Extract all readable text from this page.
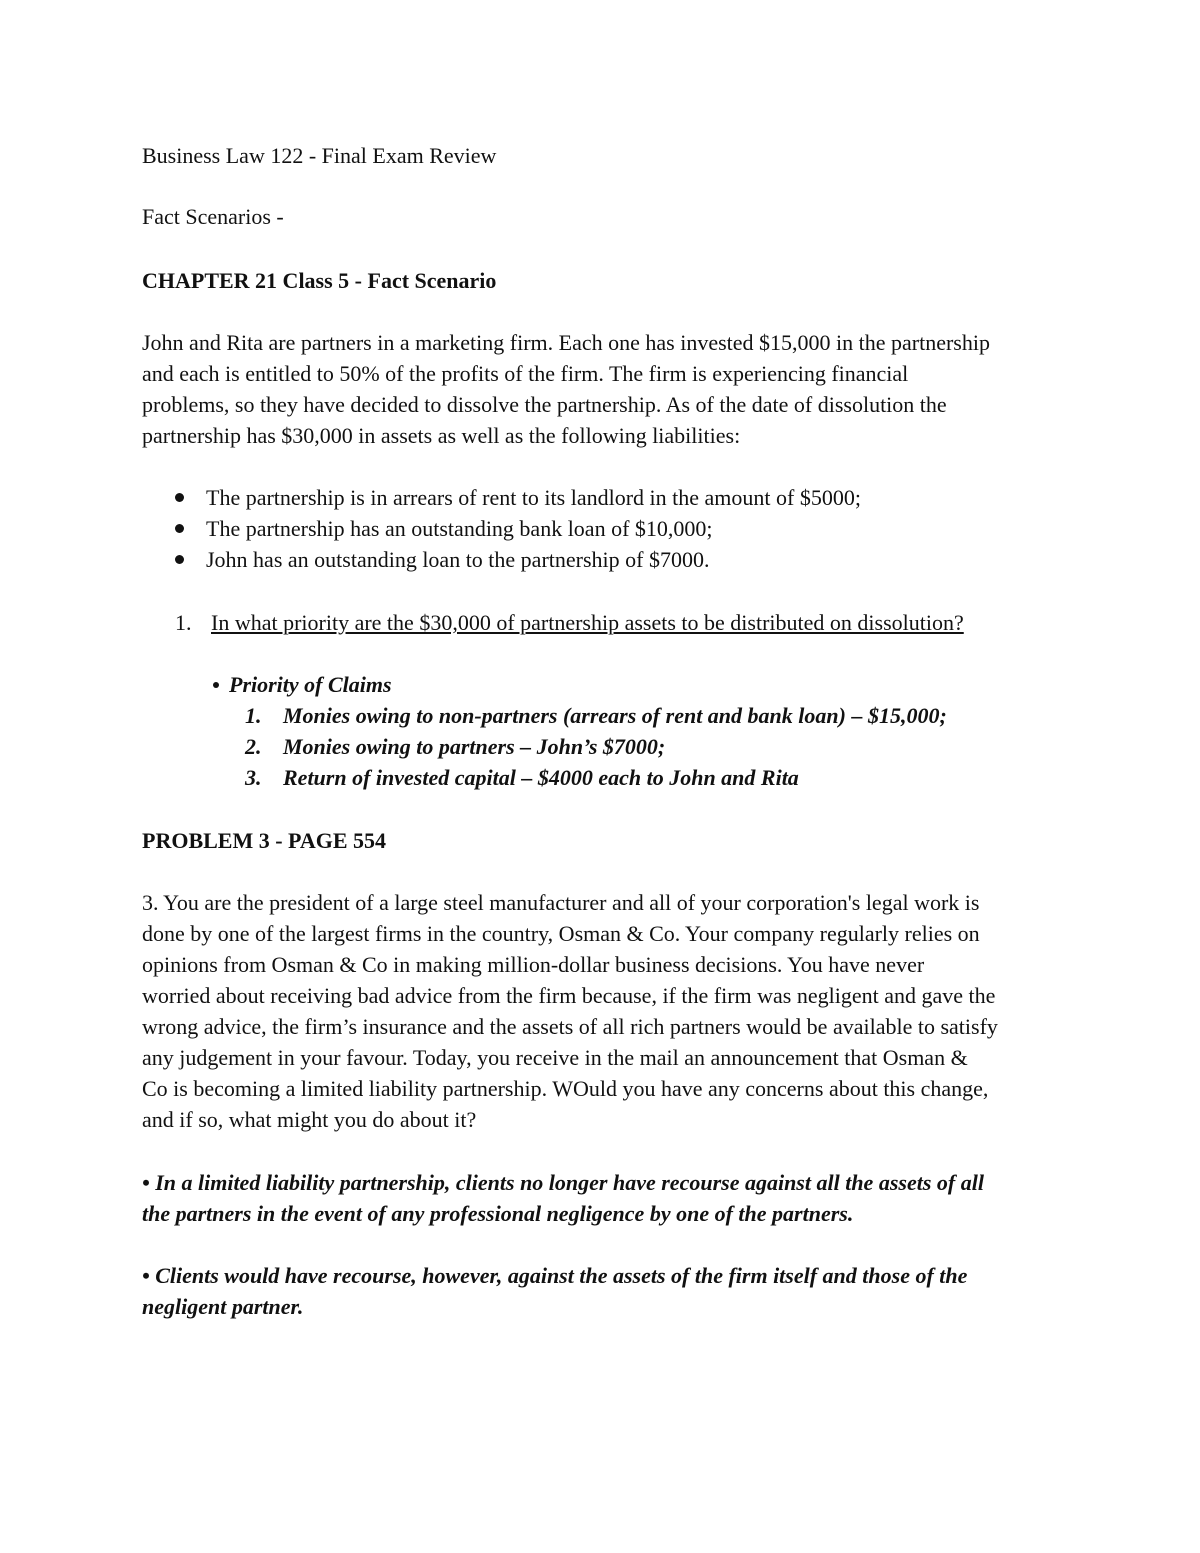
Business Law 122 - Final Exam Review

Fact Scenarios -

CHAPTER 21 Class 5 - Fact Scenario

John and Rita are partners in a marketing firm. Each one has invested $15,000 in the partnership
and each is entitled to 50% of the profits of the firm. The firm is experiencing financial
problems, so they have decided to dissolve the partnership. As of the date of dissolution the
partnership has $30,000 in assets as well as the following liabilities:
The partnership is in arrears of rent to its landlord in the amount of $5000;
The partnership has an outstanding bank loan of $10,000;
John has an outstanding loan to the partnership of $7000.
1. In what priority are the $30,000 of partnership assets to be distributed on dissolution?
Priority of Claims
1. Monies owing to non-partners (arrears of rent and bank loan) – $15,000;
2. Monies owing to partners – John’s $7000;
3. Return of invested capital – $4000 each to John and Rita

PROBLEM 3 - PAGE 554

3. You are the president of a large steel manufacturer and all of your corporation's legal work is
done by one of the largest firms in the country, Osman & Co. Your company regularly relies on
opinions from Osman & Co in making million-dollar business decisions. You have never
worried about receiving bad advice from the firm because, if the firm was negligent and gave the
wrong advice, the firm’s insurance and the assets of all rich partners would be available to satisfy
any judgement in your favour. Today, you receive in the mail an announcement that Osman &
Co is becoming a limited liability partnership. WOuld you have any concerns about this change,
and if so, what might you do about it?
• In a limited liability partnership, clients no longer have recourse against all the assets of all
the partners in the event of any professional negligence by one of the partners.
• Clients would have recourse, however, against the assets of the firm itself and those of the
negligent partner.
